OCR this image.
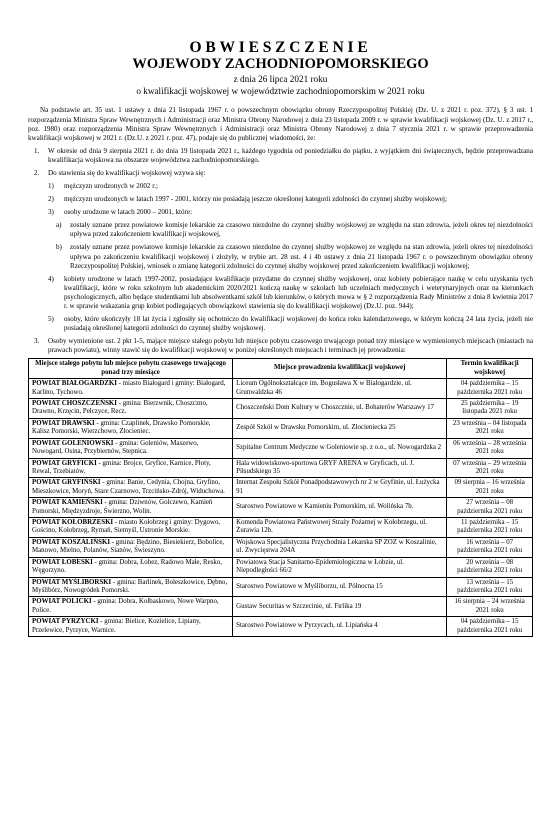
OBWIESZCZENIE
WOJEWODY ZACHODNIOPOMORSKIEGO
z dnia 26 lipca 2021 roku
o kwalifikacji wojskowej w województwie zachodniopomorskim w 2021 roku

Na podstawie art. 35 ust. 1 ustawy z dnia 21 listopada 1967 r. o powszechnym obowiązku obrony Rzeczypospolitej Polskiej (Dz. U. z 2021 r. poz. 372), § 3 ust. 1 rozporządzenia Ministra Spraw Wewnętrznych i Administracji oraz Ministra Obrony Narodowej z dnia 23 listopada 2009 r. w sprawie kwalifikacji wojskowej (Dz. U. z 2017 r., poz. 1980) oraz rozporządzenia Ministra Spraw Wewnętrznych i Administracji oraz Ministra Obrony Narodowej z dnia 7 stycznia 2021 r. w sprawie przeprowadzenia kwalifikacji wojskowej w 2021 r. (Dz.U. z 2021 r. poz. 47), podaje się do publicznej wiadomości, że:

1.	W okresie od dnia 9 sierpnia 2021 r. do dnia 19 listopada 2021 r., każdego tygodnia od poniedziałku do piątku, z wyjątkiem dni świątecznych, będzie przeprowadzana kwalifikacja wojskowa na obszarze województwa zachodniopomorskiego.
2.	Do stawienia się do kwalifikacji wojskowej wzywa się:
1)	mężczyzn urodzonych w 2002 r.;
2)	mężczyzn urodzonych w latach 1997 - 2001, którzy nie posiadają jeszcze określonej kategorii zdolności do czynnej służby wojskowej;
3)	osoby urodzone w latach 2000 – 2001, które:
a)	zostały uznane przez powiatowe komisje lekarskie za czasowo niezdolne do czynnej służby wojskowej ze względu na stan zdrowia, jeżeli okres tej niezdolności upływa przed zakończeniem kwalifikacji wojskowej,
b)	zostały uznane przez powiatowe komisje lekarskie za czasowo niezdolne do czynnej służby wojskowej ze względu na stan zdrowia, jeżeli okres tej niezdolności upływa po zakończeniu kwalifikacji wojskowej i złożyły, w trybie art. 28 ust. 4 i 4b ustawy z dnia 21 listopada 1967 r. o powszechnym obowiązku obrony Rzeczypospolitej Polskiej, wniosek o zmianę kategorii zdolności do czynnej służby wojskowej przed zakończeniem kwalifikacji wojskowej;
4)	kobiety urodzone w latach 1997-2002, posiadające kwalifikacje przydatne do czynnej służby wojskowej, oraz kobiety pobierające naukę w celu uzyskania tych kwalifikacji, które w roku szkolnym lub akademickim 2020/2021 kończą naukę w szkołach lub uczelniach medycznych i weterynaryjnych oraz na kierunkach psychologicznych, albo będące studentkami lub absolwentkami szkół lub kierunków, o których mowa w § 2 rozporządzenia Rady Ministrów z dnia 8 kwietnia 2017 r. w sprawie wskazania grup kobiet podlegających obowiązkowi stawienia się do kwalifikacji wojskowej (Dz.U. poz. 944);
5)	osoby, które ukończyły 18 lat życia i zgłosiły się ochotniczo do kwalifikacji wojskowej do końca roku kalendarzowego, w którym kończą 24 lata życia, jeżeli nie posiadają określonej kategorii zdolności do czynnej służby wojskowej.
3.	Osoby wymienione ust. 2 pkt 1-5, mające miejsce stałego pobytu lub miejsce pobytu czasowego trwającego ponad trzy miesiące w wymienionych miejscach (miastach na prawach powiatu), winny stawić się do kwalifikacji wojskowej w poniżej określonych miejscach i terminach jej prowadzenia:
Miejsce stałego pobytu lub miejsce pobytu czasowego trwającego ponad trzy miesiące	Miejsce prowadzenia kwalifikacji wojskowej	Termin kwalifikacji wojskowej
POWIAT BIAŁOGARDZKI - miasto Białogard i gminy: Białogard, Karlino, Tychowo.	Liceum Ogólnokształcące im. Bogusława X w Białogardzie, ul. Grunwaldzka 46	04 października – 15 października 2021 roku
POWIAT CHOSZCZEŃSKI - gmina: Bierzwnik, Choszczno, Drawno, Krzęcin, Pełczyce, Recz.	Choszczeński Dom Kultury w Choszcznie, ul. Bohaterów Warszawy 17	25 października – 19 listopada 2021 roku
POWIAT DRAWSKI - gmina: Czaplinek, Drawsko Pomorskie, Kalisz Pomorski, Wierzchowo, Złocieniec.	Zespół Szkół w Drawsku Pomorskim, ul. Złocieniecka 25	23 września – 04 listopada 2021 roku
POWIAT GOLENIOWSKI - gmina: Goleniów, Maszewo, Nowogard, Osina, Przybiernów, Stepnica.	Szpitalne Centrum Medyczne w Goleniowie sp. z o.o., ul. Nowogardzka 2	06 września – 28 września 2021 roku
POWIAT GRYFICKI - gmina: Brojce, Gryfice, Karnice, Płoty, Rewal, Trzebiatów.	Hala widowiskowo-sportowa GRYF ARENA w Gryficach, ul. J. Piłsudskiego 35	07 września – 29 września 2021 roku
POWIAT GRYFIŃSKI - gmina: Banie, Cedynia, Chojna, Gryfino, Mieszkowice, Moryń, Stare Czarnowo, Trzcińsko-Zdrój, Widuchowa.	Internat Zespołu Szkół Ponadpodstawowych nr 2 w Gryfinie, ul. Łużycka 91	09 sierpnia – 16 września 2021 roku
POWIAT KAMIEŃSKI - gmina: Dziwnów, Golczewo, Kamień Pomorski, Międzyzdroje, Świerzno, Wolin.	Starostwo Powiatowe w Kamieniu Pomorskim, ul. Wolińska 7b.	27 września – 08 października 2021 roku
POWIAT KOŁOBRZESKI - miasto Kołobrzeg i gminy: Dygowo, Gościno, Kołobrzeg, Rymań, Siemyśl, Ustronie Morskie.	Komenda Powiatowa Państwowej Straży Pożarnej w Kołobrzegu, ul. Żurawia 12b.	11 października – 15 października 2021 roku
POWIAT KOSZALIŃSKI - gmina: Będzino, Biesiekierz, Bobolice, Manowo, Mielno, Polanów, Sianów, Świeszyno.	Wojskowa Specjalistyczna Przychodnia Lekarska SP ZOZ w Koszalinie, ul. Zwycięstwa 204A	16 września – 07 października 2021 roku
POWIAT ŁOBESKI - gmina: Dobra, Łobez, Radowo Małe, Resko, Węgorzyno.	Powiatowa Stacja Sanitarno-Epidemiologiczna w Łobzie, ul. Niepodległości 66/2	20 września – 08 października 2021 roku
POWIAT MYŚLIBORSKI - gmina: Barlinek, Boleszkowice, Dębno, Myślibórz, Nowogródek Pomorski.	Starostwo Powiatowe w Myśliborzu, ul. Północna 15	13 września – 15 października 2021 roku
POWIAT POLICKI - gmina: Dobra, Kołbaskowo, Nowe Warpno, Police.	Gustaw Securitas w Szczecinie, ul. Firlika 19	16 sierpnia – 24 września 2021 roku
POWIAT PYRZYCKI - gmina: Bielice, Kozielice, Lipiany, Przelewice, Pyrzyce, Warnice.	Starostwo Powiatowe w Pyrzycach, ul. Lipiańska 4	04 października – 15 października 2021 roku
